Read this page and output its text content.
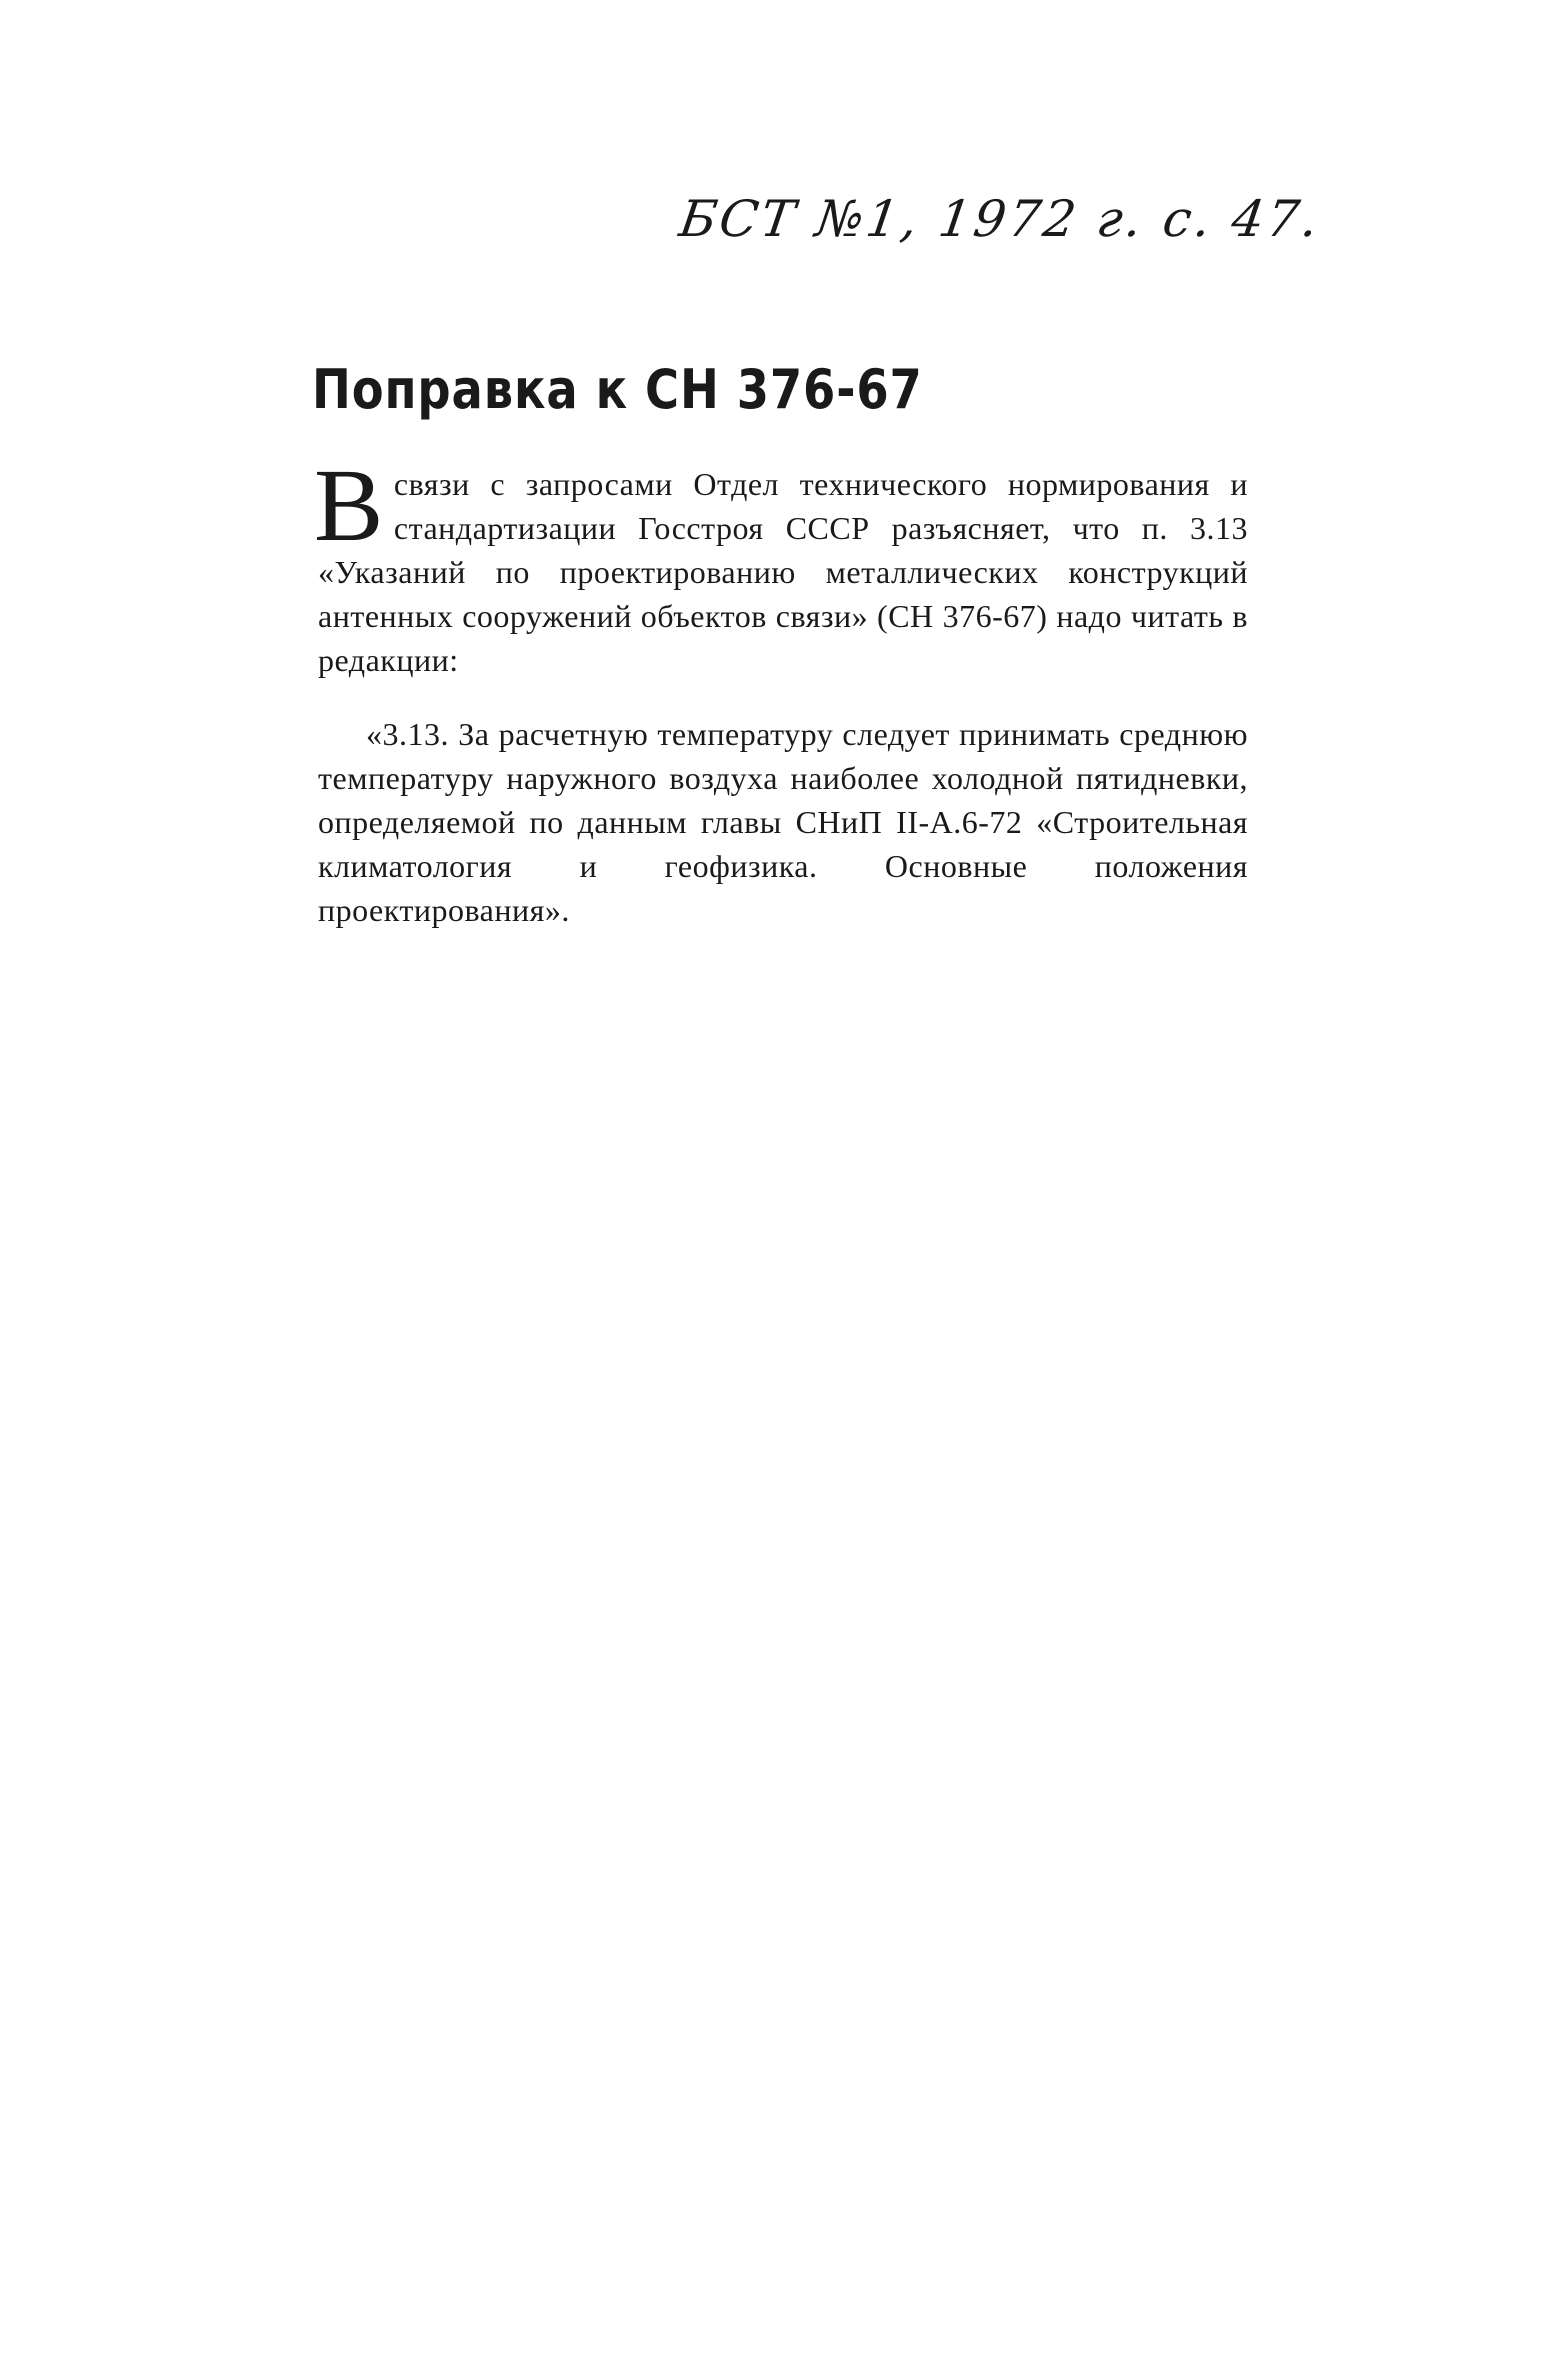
БСТ №1, 1972 г. с. 47.
Поправка к СН 376-67
Всвязи с запросами Отдел технического нормирования и стандартизации Госстроя СССР разъясняет, что п. 3.13 «Указаний по проектированию металлических конструкций антенных сооружений объектов связи» (СН 376-67) надо читать в редакции:
«3.13. За расчетную температуру следует принимать среднюю температуру наружного воздуха наиболее холодной пятидневки, определяемой по данным главы СНиП II-А.6-72 «Строительная климатология и геофизика. Основные положения проектирования».
